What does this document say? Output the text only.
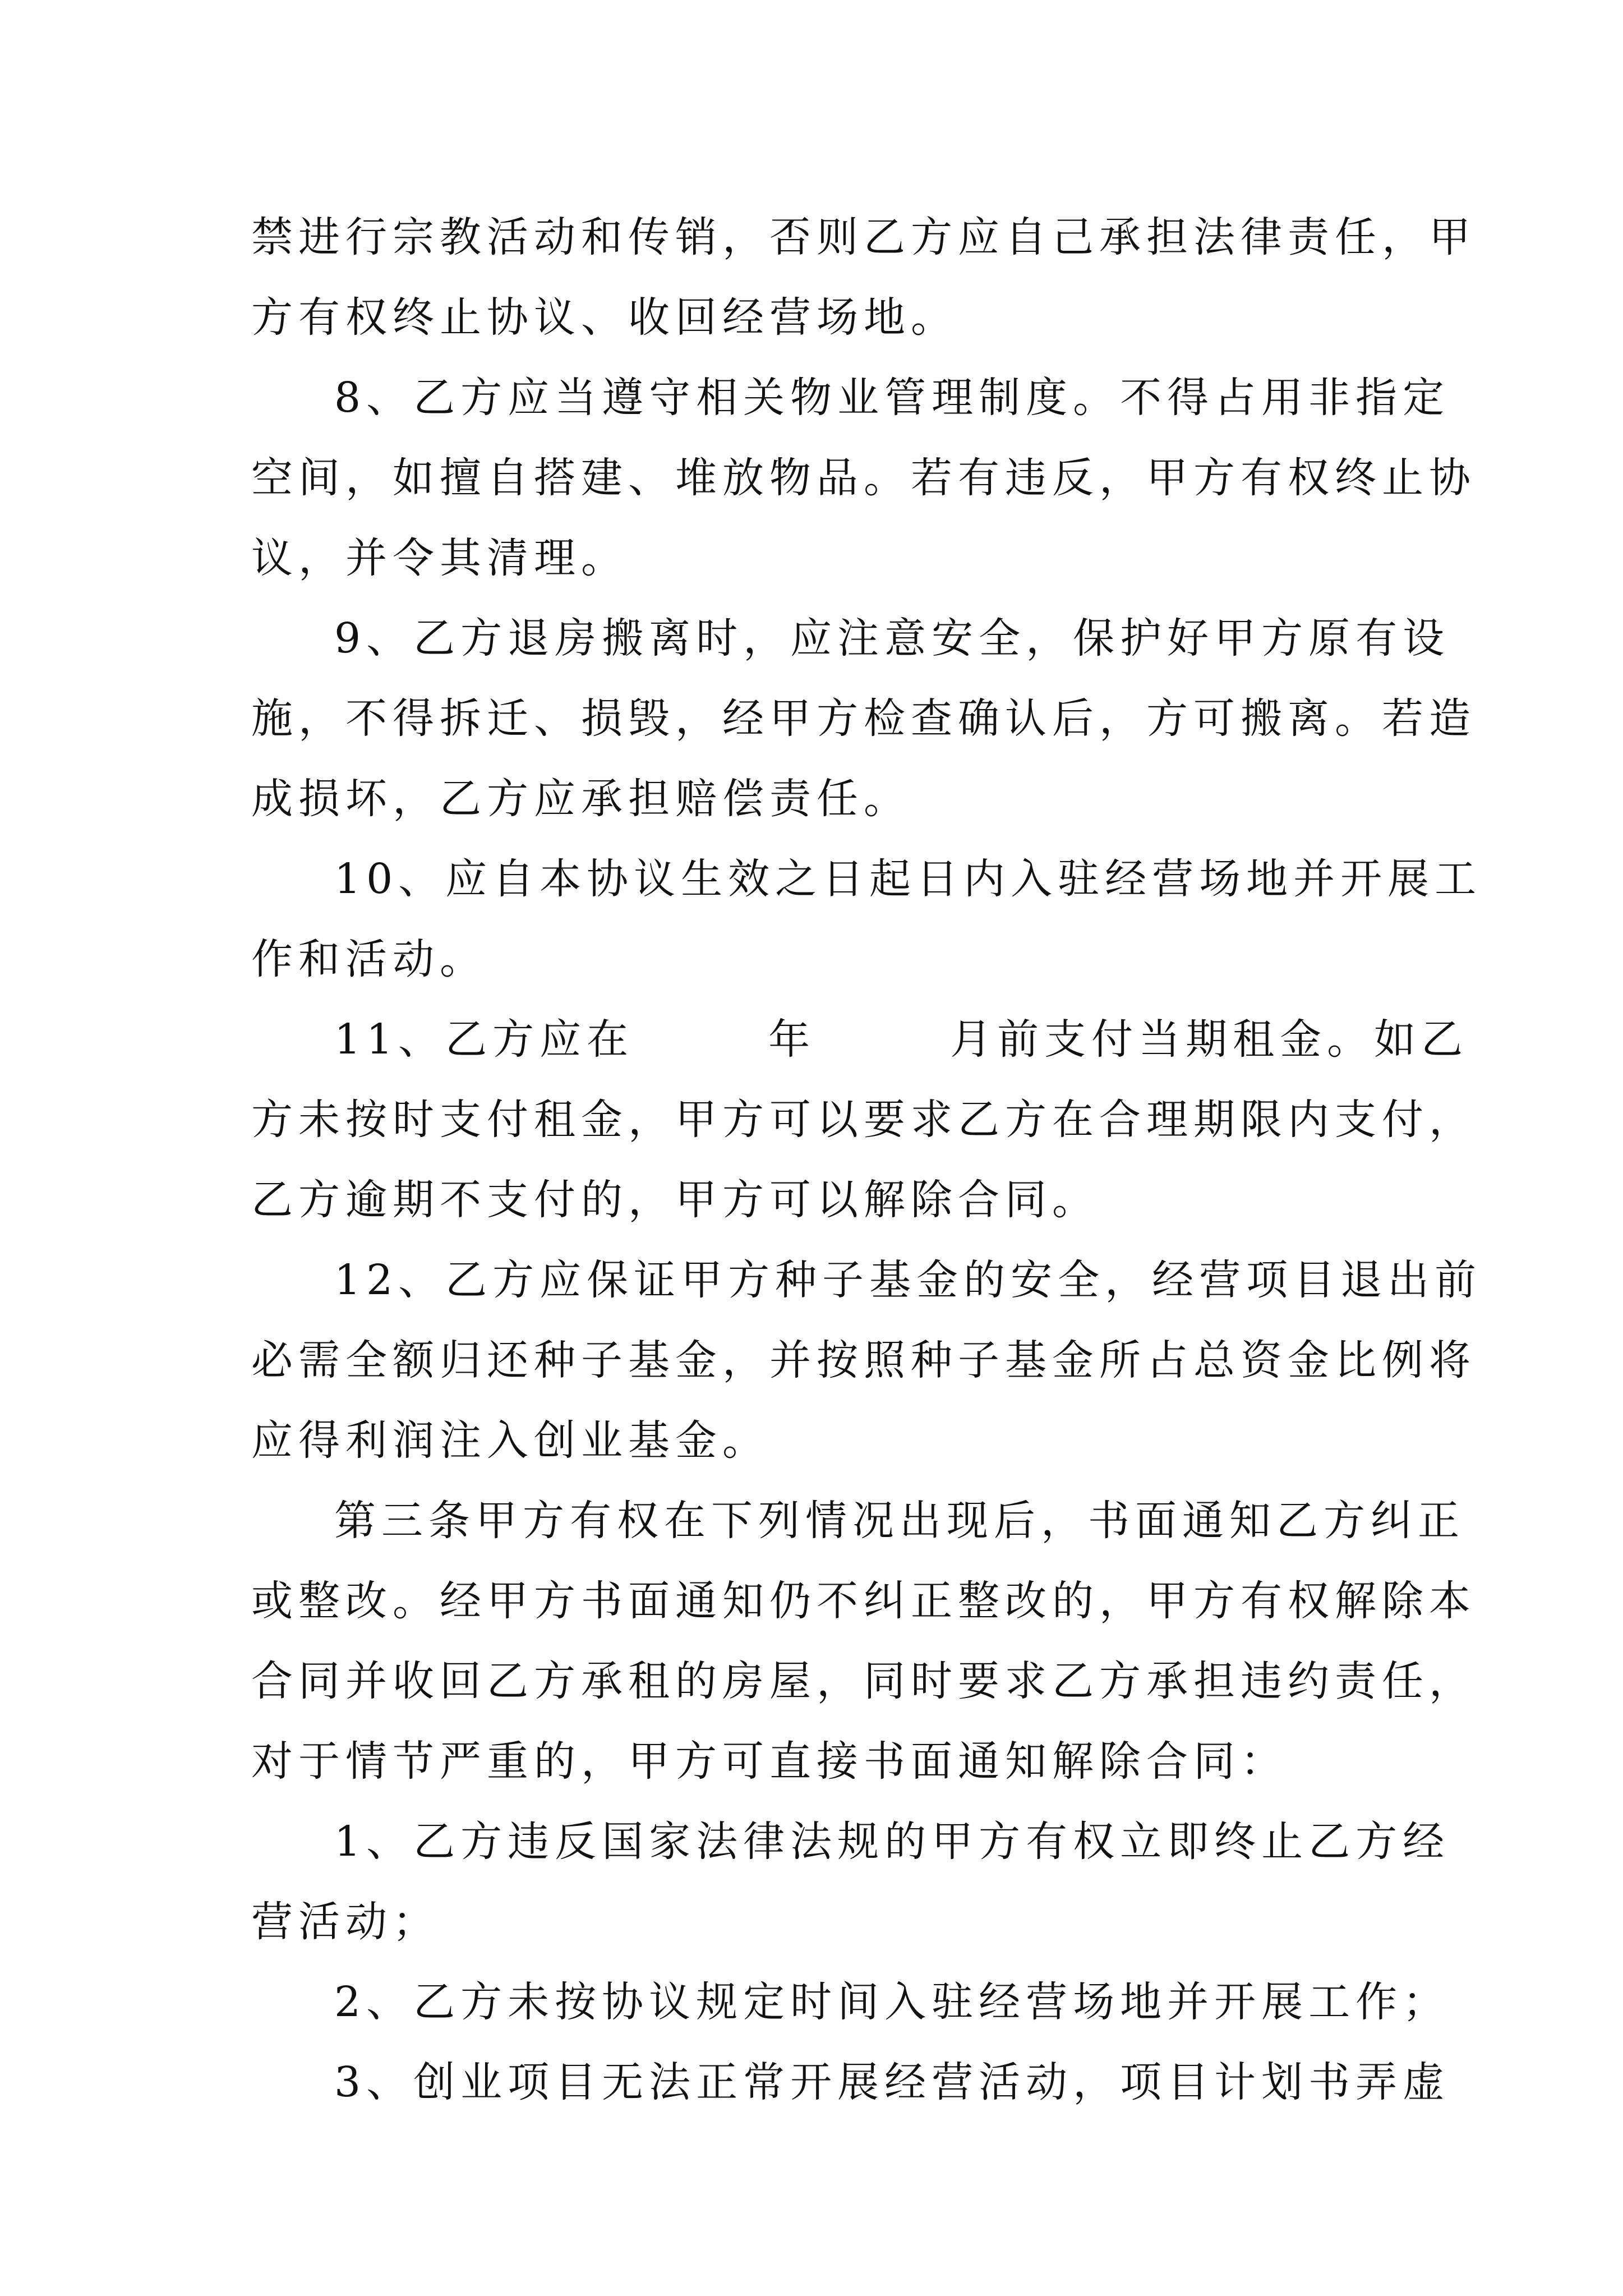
禁进行宗教活动和传销，否则乙方应自己承担法律责任，甲
方有权终止协议、收回经营场地。
8、乙方应当遵守相关物业管理制度。不得占用非指定
空间，如擅自搭建、堆放物品。若有违反，甲方有权终止协
议，并令其清理。
9、乙方退房搬离时，应注意安全，保护好甲方原有设
施，不得拆迁、损毁，经甲方检查确认后，方可搬离。若造
成损坏，乙方应承担赔偿责任。
10、应自本协议生效之日起日内入驻经营场地并开展工
作和活动。
11、乙方应在	年	月前支付当期租金。如乙
方未按时支付租金，甲方可以要求乙方在合理期限内支付，
乙方逾期不支付的，甲方可以解除合同。
12、乙方应保证甲方种子基金的安全，经营项目退出前
必需全额归还种子基金，并按照种子基金所占总资金比例将
应得利润注入创业基金。
第三条甲方有权在下列情况出现后，书面通知乙方纠正
或整改。经甲方书面通知仍不纠正整改的，甲方有权解除本
合同并收回乙方承租的房屋，同时要求乙方承担违约责任，
对于情节严重的，甲方可直接书面通知解除合同：
1、乙方违反国家法律法规的甲方有权立即终止乙方经
营活动；
2、乙方未按协议规定时间入驻经营场地并开展工作；
3、创业项目无法正常开展经营活动，项目计划书弄虚
